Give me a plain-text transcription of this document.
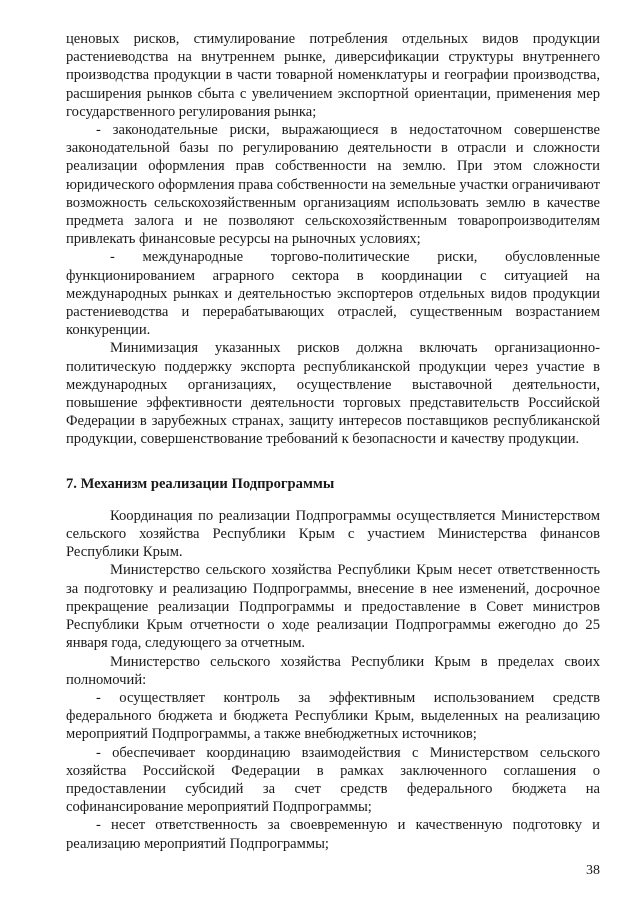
ценовых рисков, стимулирование потребления отдельных видов продукции растениеводства на внутреннем рынке, диверсификации структуры внутреннего производства продукции в части товарной номенклатуры и географии производства, расширения рынков сбыта с увеличением экспортной ориентации, применения мер государственного регулирования рынка;

- законодательные риски, выражающиеся в недостаточном совершенстве законодательной базы по регулированию деятельности в отрасли и сложности реализации оформления прав собственности на землю. При этом сложности юридического оформления права собственности на земельные участки ограничивают возможность сельскохозяйственным организациям использовать землю в качестве предмета залога и не позволяют сельскохозяйственным товаропроизводителям привлекать финансовые ресурсы на рыночных условиях;

- международные торгово-политические риски, обусловленные функционированием аграрного сектора в координации с ситуацией на международных рынках и деятельностью экспортеров отдельных видов продукции растениеводства и перерабатывающих отраслей, существенным возрастанием конкуренции.

Минимизация указанных рисков должна включать организационно-политическую поддержку экспорта республиканской продукции через участие в международных организациях, осуществление выставочной деятельности, повышение эффективности деятельности торговых представительств Российской Федерации в зарубежных странах, защиту интересов поставщиков республиканской продукции, совершенствование требований к безопасности и качеству продукции.

7. Механизм реализации Подпрограммы

Координация по реализации Подпрограммы осуществляется Министерством сельского хозяйства Республики Крым с участием Министерства финансов Республики Крым.

Министерство сельского хозяйства Республики Крым несет ответственность за подготовку и реализацию Подпрограммы, внесение в нее изменений, досрочное прекращение реализации Подпрограммы и предоставление в Совет министров Республики Крым отчетности о ходе реализации Подпрограммы ежегодно до 25 января года, следующего за отчетным.

Министерство сельского хозяйства Республики Крым в пределах своих полномочий:

- осуществляет контроль за эффективным использованием средств федерального бюджета и бюджета Республики Крым, выделенных на реализацию мероприятий Подпрограммы, а также внебюджетных источников;

- обеспечивает координацию взаимодействия с Министерством сельского хозяйства Российской Федерации в рамках заключенного соглашения о предоставлении субсидий за счет средств федерального бюджета на софинансирование мероприятий Подпрограммы;

- несет ответственность за своевременную и качественную подготовку и реализацию мероприятий Подпрограммы;

38
